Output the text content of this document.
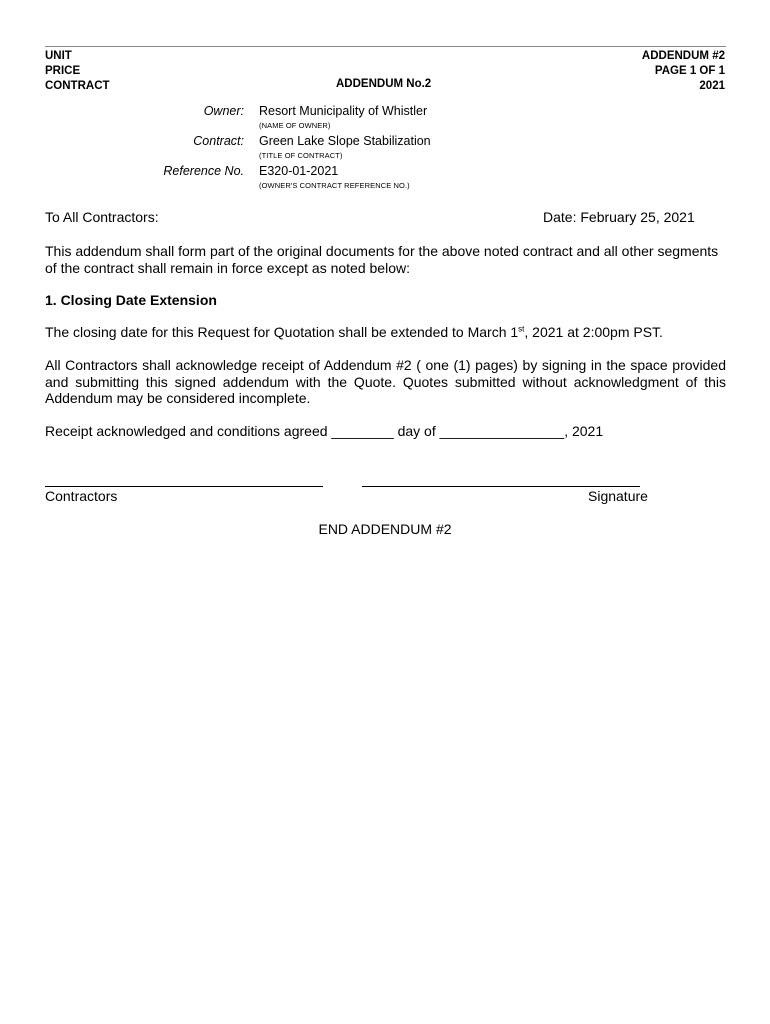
UNIT
PRICE
CONTRACT	ADDENDUM No.2
ADDENDUM #2
PAGE 1 OF 1
2021
Owner: Resort Municipality of Whistler
(NAME OF OWNER)
Contract: Green Lake Slope Stabilization
(TITLE OF CONTRACT)
Reference No. E320-01-2021
(OWNER'S CONTRACT REFERENCE NO.)
To All Contractors:	Date: February 25, 2021
This addendum shall form part of the original documents for the above noted contract and all other segments of the contract shall remain in force except as noted below:
1. Closing Date Extension
The closing date for this Request for Quotation shall be extended to March 1st, 2021 at 2:00pm PST.
All Contractors shall acknowledge receipt of Addendum #2 ( one (1) pages) by signing in the space provided and submitting this signed addendum with the Quote. Quotes submitted without acknowledgment of this Addendum may be considered incomplete.
Receipt acknowledged and conditions agreed ________ day of ________________, 2021
Contractors	Signature
END ADDENDUM #2
